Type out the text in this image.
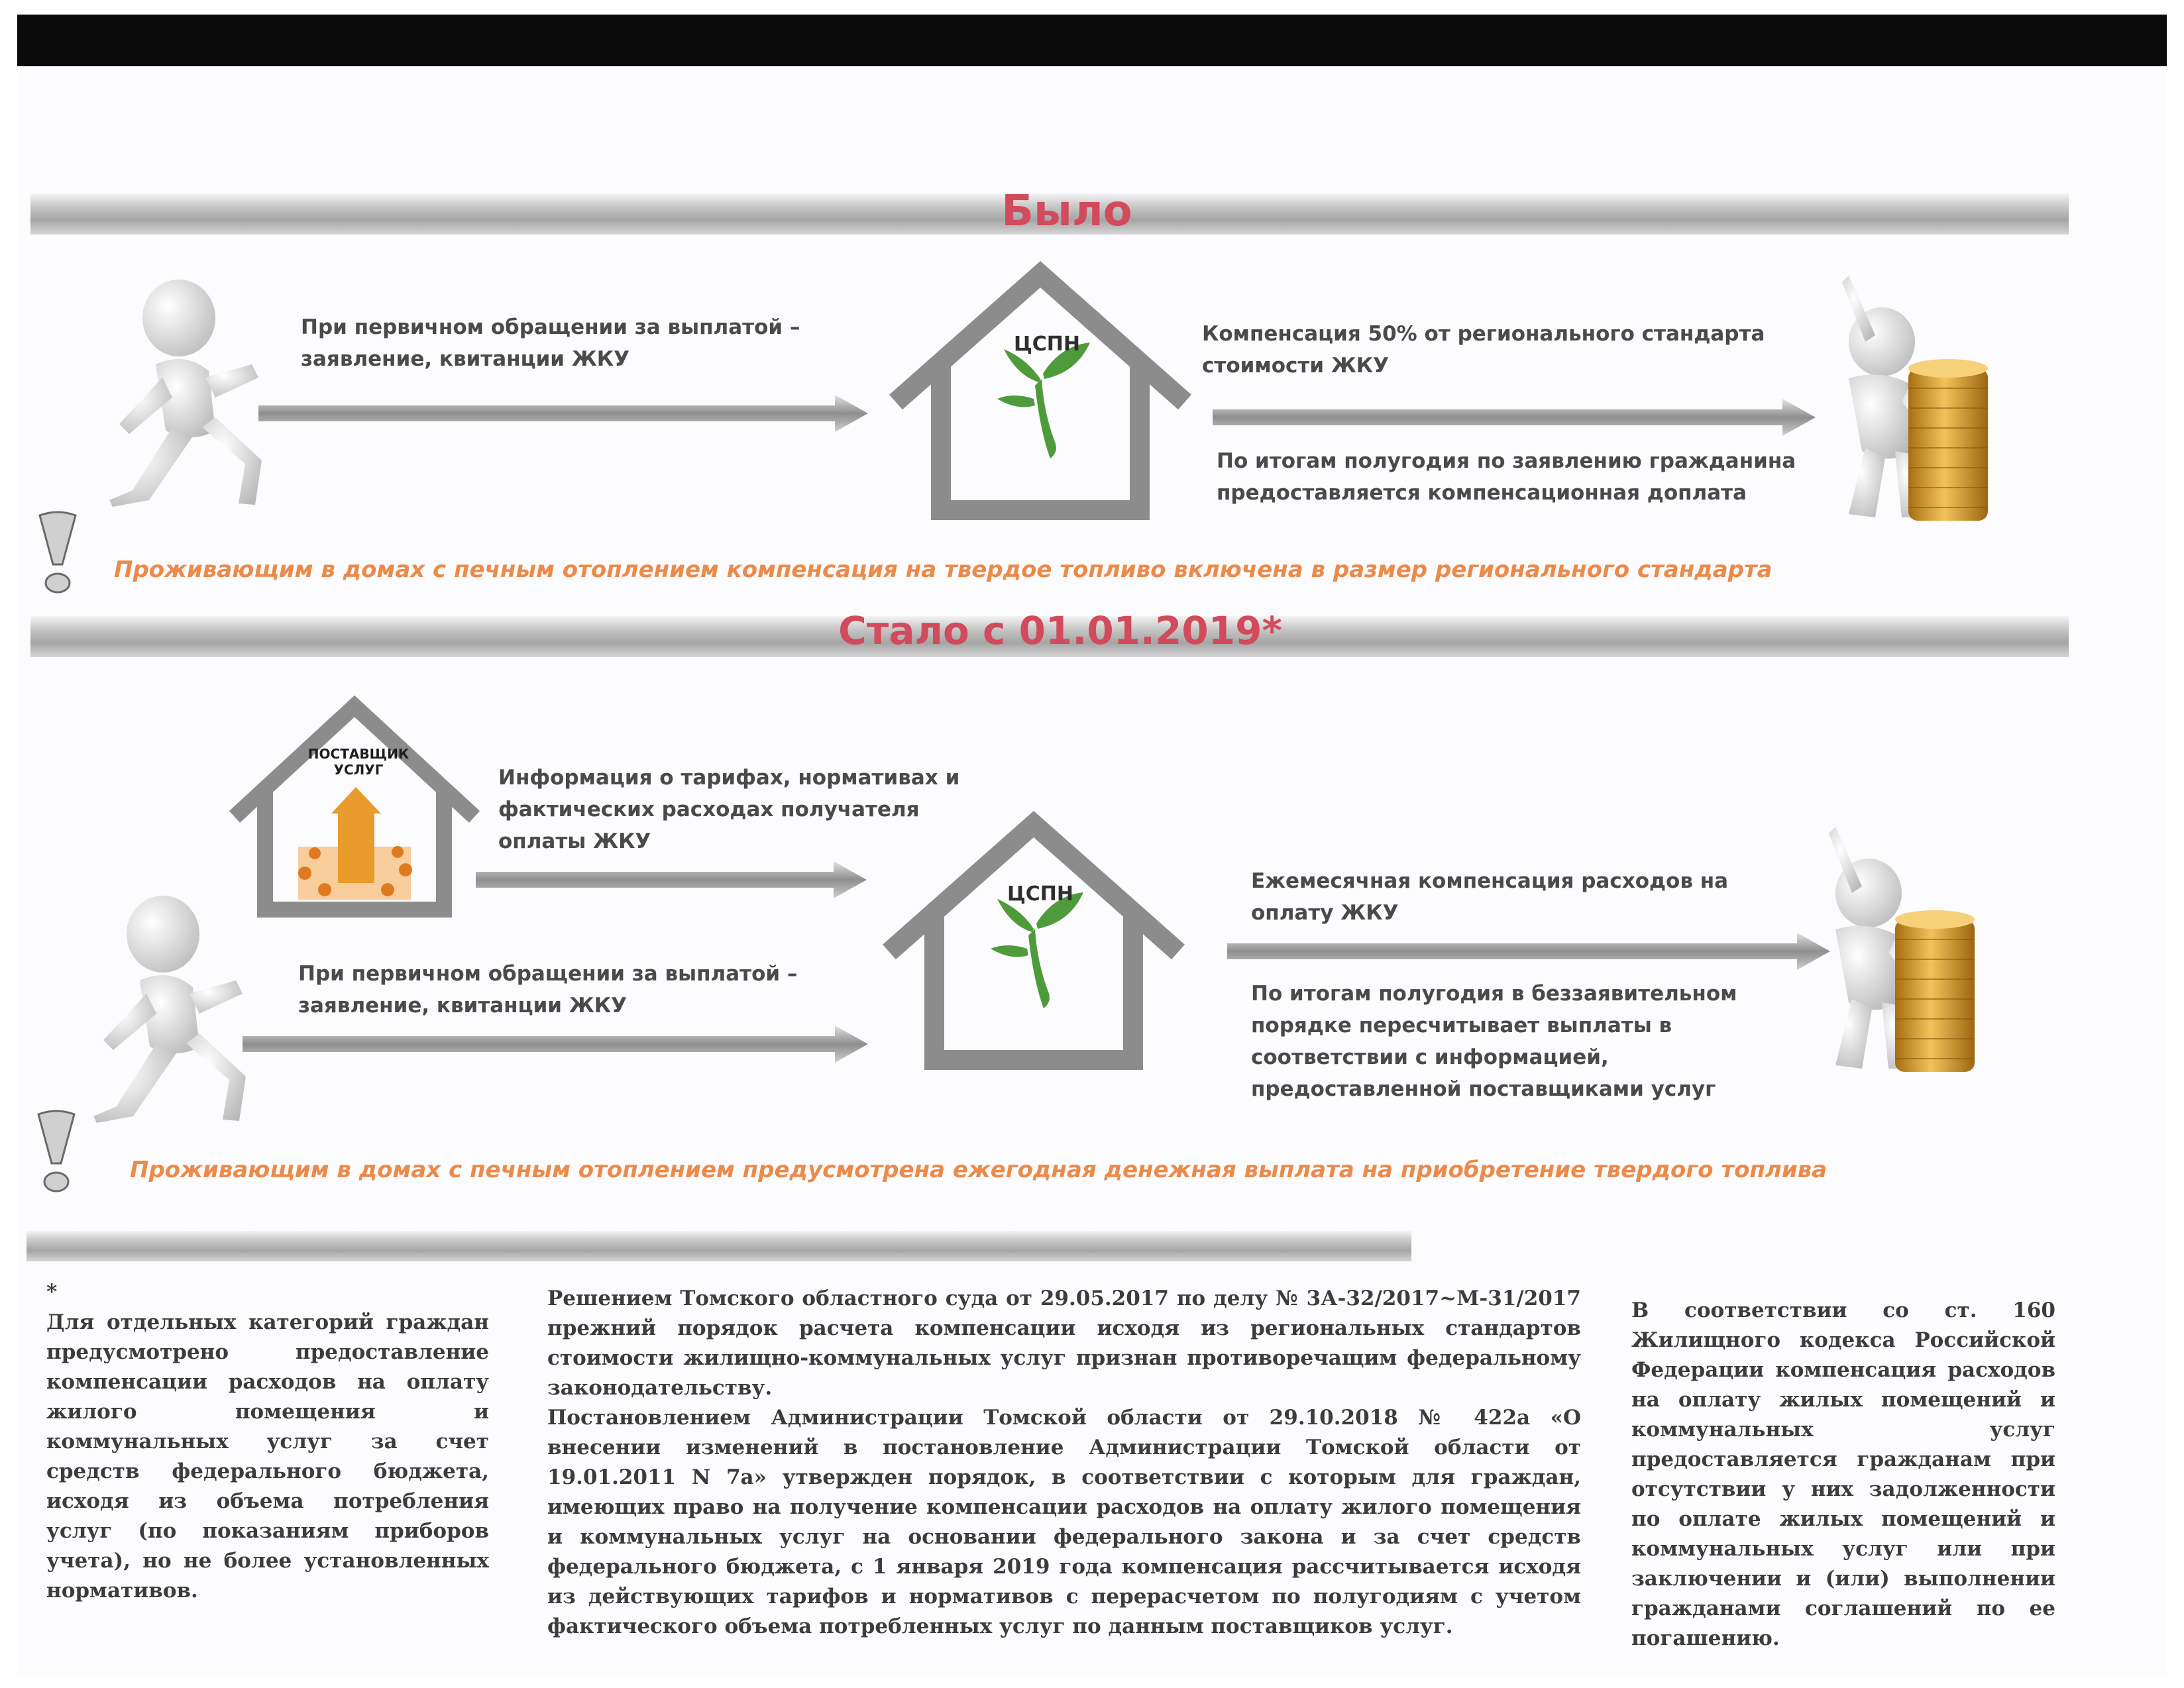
Было
При первичном обращении за выплатой – заявление, квитанции ЖКУ
ЦСПН	Компенсация 50% от регионального стандарта стоимости ЖКУ
По итогам полугодия по заявлению гражданина предоставляется компенсационная доплата
Проживающим в домах с печным отоплением компенсация на твердое топливо включена в размер регионального стандарта
Стало с 01.01.2019*
ПОСТАВЩИК УСЛУГ	Информация о тарифах, нормативах и фактических расходах получателя оплаты ЖКУ
При первичном обращении за выплатой – заявление, квитанции ЖКУ
ЦСПН
Ежемесячная компенсация расходов на оплату ЖКУ
По итогам полугодия в беззаявительном порядке пересчитывает выплаты в соответствии с информацией, предоставленной поставщиками услуг
Проживающим в домах с печным отоплением предусмотрена ежегодная денежная выплата на приобретение твердого топлива
*
Для отдельных категорий граждан предусмотрено предоставление компенсации расходов на оплату жилого помещения и коммунальных услуг за счет средств федерального бюджета, исходя из объема потребления услуг (по показаниям приборов учета), но не более установленных нормативов.

Решением Томского областного суда от 29.05.2017 по делу № 3А-32/2017~М-31/2017 прежний порядок расчета компенсации исходя из региональных стандартов стоимости жилищно-коммунальных услуг признан противоречащим федеральному законодательству.

Постановлением Администрации Томской области от 29.10.2018 № 422а «О внесении изменений в постановление Администрации Томской области от 19.01.2011 N 7а» утвержден порядок, в соответствии с которым для граждан, имеющих право на получение компенсации расходов на оплату жилого помещения и коммунальных услуг на основании федерального закона и за счет средств федерального бюджета, с 1 января 2019 года компенсация рассчитывается исходя из действующих тарифов и нормативов с перерасчетом по полугодиям с учетом фактического объема потребленных услуг по данным поставщиков услуг.

В соответствии со ст. 160 Жилищного кодекса Российской Федерации компенсация расходов на оплату жилых помещений и коммунальных услуг предоставляется гражданам при отсутствии у них задолженности по оплате жилых помещений и коммунальных услуг или при заключении и (или) выполнении гражданами соглашений по ее погашению.
